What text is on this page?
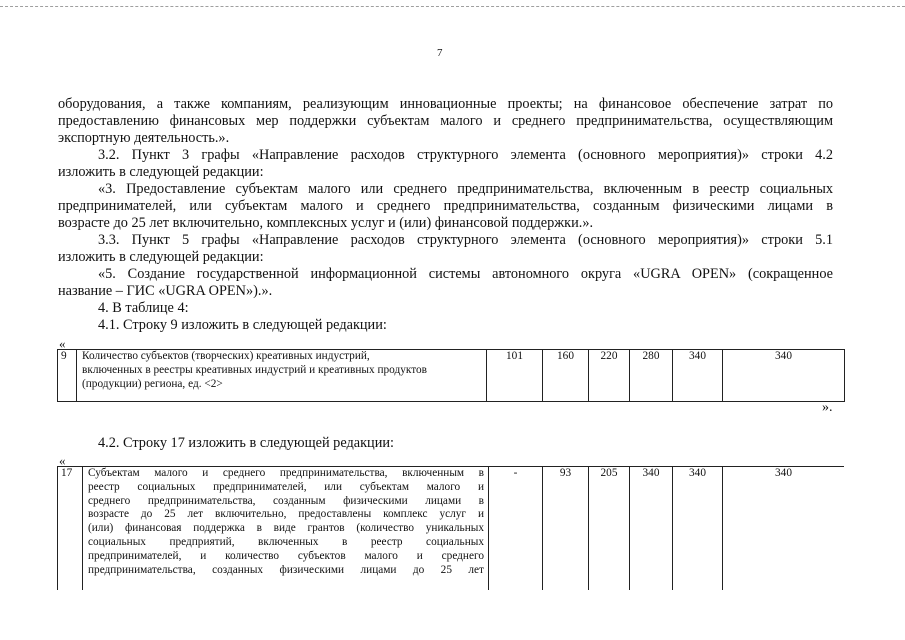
7
оборудования, а также компаниям, реализующим инновационные проекты; на финансовое обеспечение затрат по
предоставлению финансовых мер поддержки субъектам малого и среднего предпринимательства, осуществляющим
экспортную деятельность.».
3.2. Пункт 3 графы «Направление расходов структурного элемента (основного мероприятия)» строки 4.2
изложить в следующей редакции:
«3. Предоставление субъектам малого или среднего предпринимательства, включенным в реестр социальных
предпринимателей, или субъектам малого и среднего предпринимательства, созданным физическими лицами в
возрасте до 25 лет включительно, комплексных услуг и (или) финансовой поддержки.».
3.3. Пункт 5 графы «Направление расходов структурного элемента (основного мероприятия)» строки 5.1
изложить в следующей редакции:
«5. Создание государственной информационной системы автономного округа «UGRA OPEN» (сокращенное
название – ГИС «UGRA OPEN»).».
4. В таблице 4:
4.1. Строку 9 изложить в следующей редакции:
«
9	Количество субъектов (творческих) креативных индустрий,
включенных в реестры креативных индустрий и креативных продуктов
(продукции) региона, ед. <2>
	101	160	220	280	340	340
».
4.2. Строку 17 изложить в следующей редакции:
«
17	Субъектам малого и среднего предпринимательства, включенным в
реестр социальных предпринимателей, или субъектам малого и
среднего предпринимательства, созданным физическими лицами в
возрасте до 25 лет включительно, предоставлены комплекс услуг и
(или) финансовая поддержка в виде грантов (количество уникальных
социальных предприятий, включенных в реестр социальных
предпринимателей, и количество субъектов малого и среднего
предпринимательства, созданных физическими лицами до 25 лет
	-	93	205	340	340	340
